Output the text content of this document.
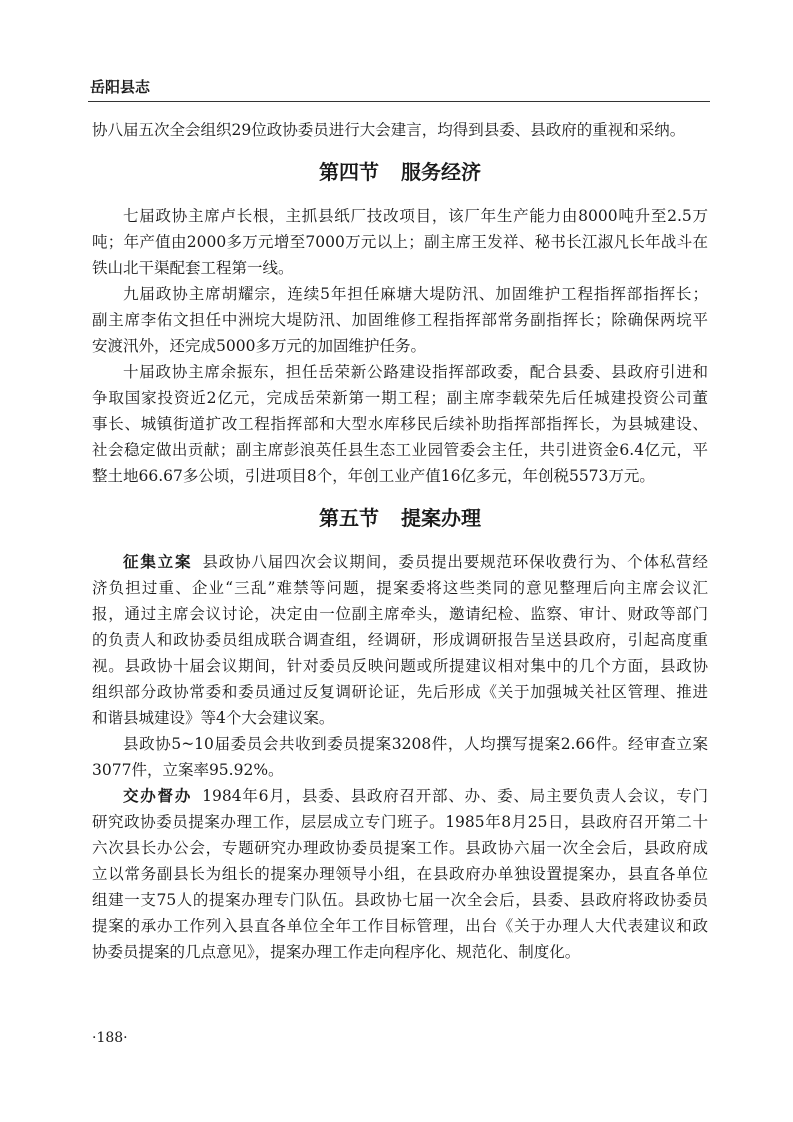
岳阳县志
协八届五次全会组织29位政协委员进行大会建言，均得到县委、县政府的重视和采纳。
第四节 服务经济
七届政协主席卢长根，主抓县纸厂技改项目，该厂年生产能力由8000吨升至2.5万
吨；年产值由2000多万元增至7000万元以上；副主席王发祥、秘书长江淑凡长年战斗在
铁山北干渠配套工程第一线。
九届政协主席胡耀宗，连续5年担任麻塘大堤防汛、加固维护工程指挥部指挥长；
副主席李佑文担任中洲垸大堤防汛、加固维修工程指挥部常务副指挥长；除确保两垸平
安渡汛外，还完成5000多万元的加固维护任务。
十届政协主席余振东，担任岳荣新公路建设指挥部政委，配合县委、县政府引进和
争取国家投资近2亿元，完成岳荣新第一期工程；副主席李载荣先后任城建投资公司董
事长、城镇街道扩改工程指挥部和大型水库移民后续补助指挥部指挥长，为县城建设、
社会稳定做出贡献；副主席彭浪英任县生态工业园管委会主任，共引进资金6.4亿元，平
整土地66.67多公顷，引进项目8个，年创工业产值16亿多元，年创税5573万元。
第五节 提案办理
征集立案 县政协八届四次会议期间，委员提出要规范环保收费行为、个体私营经
济负担过重、企业“三乱”难禁等问题，提案委将这些类同的意见整理后向主席会议汇
报，通过主席会议讨论，决定由一位副主席牵头，邀请纪检、监察、审计、财政等部门
的负责人和政协委员组成联合调查组，经调研，形成调研报告呈送县政府，引起高度重
视。县政协十届会议期间，针对委员反映问题或所提建议相对集中的几个方面，县政协
组织部分政协常委和委员通过反复调研论证，先后形成《关于加强城关社区管理、推进
和谐县城建设》等4个大会建议案。
县政协5~10届委员会共收到委员提案3208件，人均撰写提案2.66件。经审查立案
3077件，立案率95.92%。
交办督办 1984年6月，县委、县政府召开部、办、委、局主要负责人会议，专门
研究政协委员提案办理工作，层层成立专门班子。1985年8月25日，县政府召开第二十
六次县长办公会，专题研究办理政协委员提案工作。县政协六届一次全会后，县政府成
立以常务副县长为组长的提案办理领导小组，在县政府办单独设置提案办，县直各单位
组建一支75人的提案办理专门队伍。县政协七届一次全会后，县委、县政府将政协委员
提案的承办工作列入县直各单位全年工作目标管理，出台《关于办理人大代表建议和政
协委员提案的几点意见》，提案办理工作走向程序化、规范化、制度化。
·188·
